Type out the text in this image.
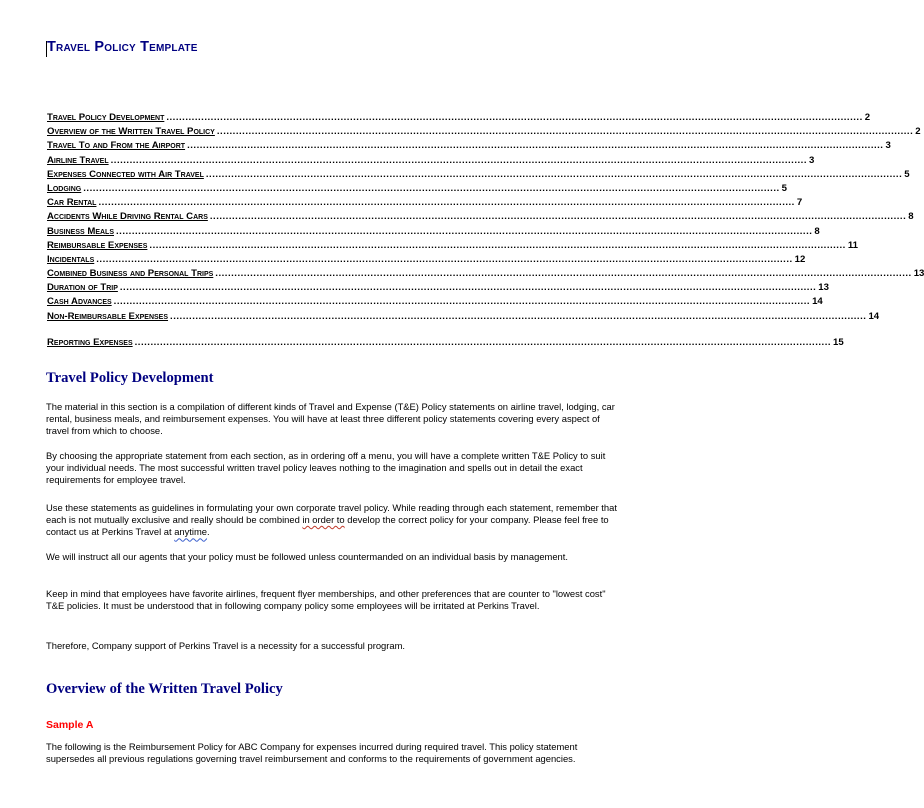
Travel Policy Template
Travel Policy Development ............................................................................................................................................................................................................................ 2
Overview of the Written Travel Policy ............................................................................................................................................................................................................................ 2
Travel To and From the Airport ............................................................................................................................................................................................................................ 3
Airline Travel ............................................................................................................................................................................................................................ 3
Expenses Connected with Air Travel ............................................................................................................................................................................................................................ 5
Lodging ............................................................................................................................................................................................................................ 5
Car Rental ............................................................................................................................................................................................................................ 7
Accidents While Driving Rental Cars ............................................................................................................................................................................................................................ 8
Business Meals ............................................................................................................................................................................................................................ 8
Reimbursable Expenses ............................................................................................................................................................................................................................ 11
Incidentals ............................................................................................................................................................................................................................ 12
Combined Business and Personal Trips ............................................................................................................................................................................................................................ 13
Duration of Trip ............................................................................................................................................................................................................................ 13
Cash Advances ............................................................................................................................................................................................................................ 14
Non-Reimbursable Expenses ............................................................................................................................................................................................................................ 14
Reporting Expenses ............................................................................................................................................................................................................................ 15
Travel Policy Development

The material in this section is a compilation of different kinds of Travel and Expense (T&E) Policy statements on airline travel, lodging, car rental, business meals, and reimbursement expenses. You will have at least three different policy statements covering every aspect of travel from which to choose.

By choosing the appropriate statement from each section, as in ordering off a menu, you will have a complete written T&E Policy to suit your individual needs. The most successful written travel policy leaves nothing to the imagination and spells out in detail the exact requirements for employee travel.

Use these statements as guidelines in formulating your own corporate travel policy. While reading through each statement, remember that each is not mutually exclusive and really should be combined in order to develop the correct policy for your company. Please feel free to contact us at Perkins Travel at anytime.

We will instruct all our agents that your policy must be followed unless countermanded on an individual basis by management.

Keep in mind that employees have favorite airlines, frequent flyer memberships, and other preferences that are counter to "lowest cost" T&E policies. It must be understood that in following company policy some employees will be irritated at Perkins Travel.

Therefore, Company support of Perkins Travel is a necessity for a successful program.

Overview of the Written Travel Policy

Sample A

The following is the Reimbursement Policy for ABC Company for expenses incurred during required travel. This policy statement supersedes all previous regulations governing travel reimbursement and conforms to the requirements of government agencies.
